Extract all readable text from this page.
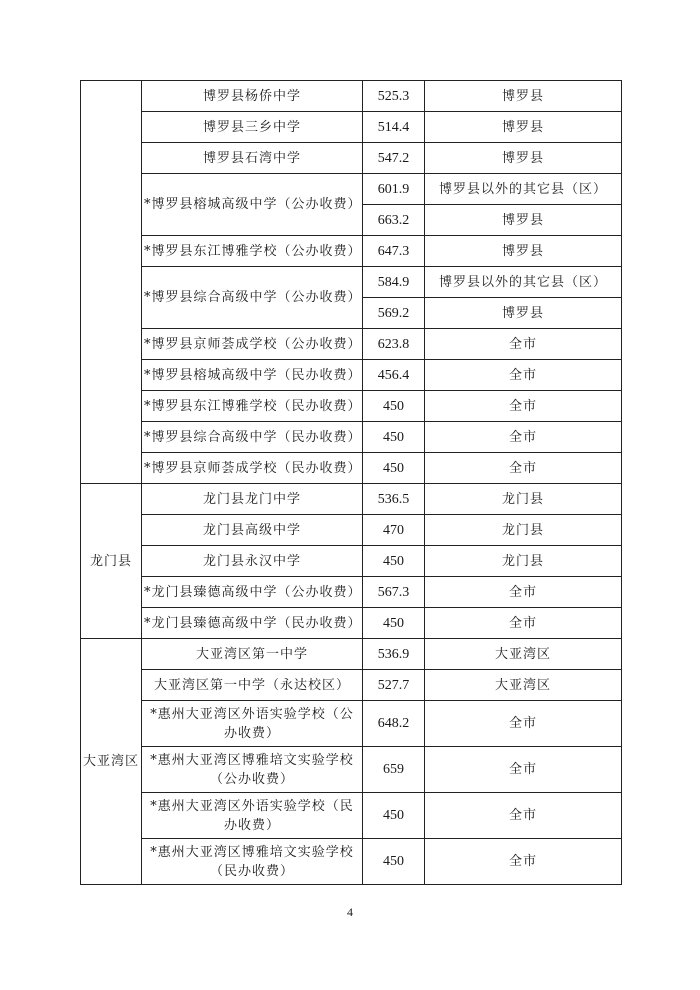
	博罗县杨侨中学	525.3	博罗县
	博罗县三乡中学	514.4	博罗县
	博罗县石湾中学	547.2	博罗县
	*博罗县榕城高级中学（公办收费）	601.9	博罗县以外的其它县（区）
		663.2	博罗县
	*博罗县东江博雅学校（公办收费）	647.3	博罗县
	*博罗县综合高级中学（公办收费）	584.9	博罗县以外的其它县（区）
		569.2	博罗县
	*博罗县京师荟成学校（公办收费）	623.8	全市
	*博罗县榕城高级中学（民办收费）	456.4	全市
	*博罗县东江博雅学校（民办收费）	450	全市
	*博罗县综合高级中学（民办收费）	450	全市
	*博罗县京师荟成学校（民办收费）	450	全市
龙门县	龙门县龙门中学	536.5	龙门县
	龙门县高级中学	470	龙门县
	龙门县永汉中学	450	龙门县
	*龙门县臻德高级中学（公办收费）	567.3	全市
	*龙门县臻德高级中学（民办收费）	450	全市
大亚湾区	大亚湾区第一中学	536.9	大亚湾区
	大亚湾区第一中学（永达校区）	527.7	大亚湾区
	*惠州大亚湾区外语实验学校（公办收费）	648.2	全市
	*惠州大亚湾区博雅培文实验学校（公办收费）	659	全市
	*惠州大亚湾区外语实验学校（民办收费）	450	全市
	*惠州大亚湾区博雅培文实验学校（民办收费）	450	全市
4
